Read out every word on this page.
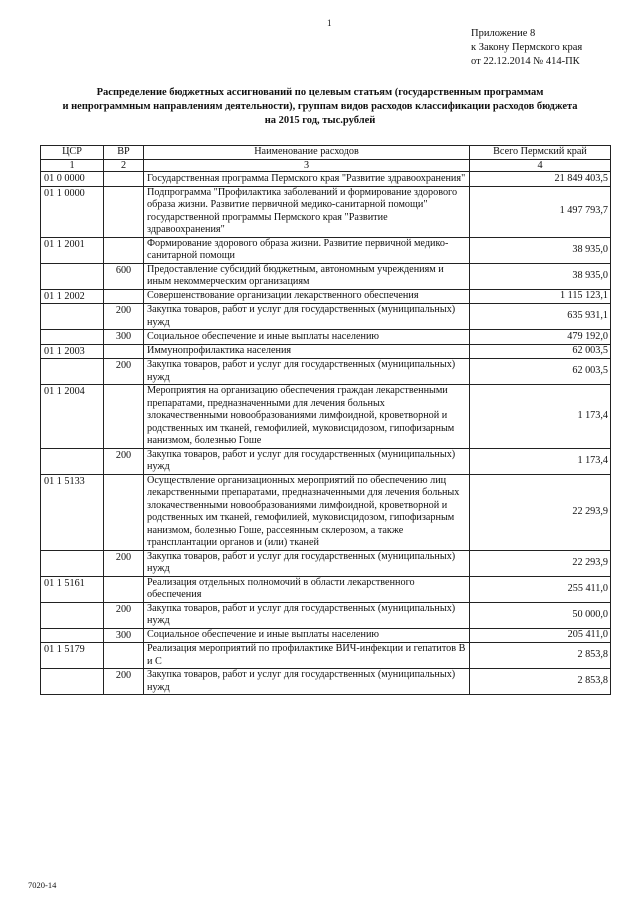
1
Приложение 8
к Закону Пермского края
от 22.12.2014 № 414-ПК
Распределение бюджетных ассигнований по целевым статьям (государственным программам
и непрограммным направлениям деятельности), группам видов расходов классификации расходов бюджета
на 2015 год, тыс.рублей
ЦСР	ВР	Наименование расходов	Всего Пермский край
1	2	3	4
01 0 0000		Государственная программа Пермского края "Развитие здравоохранения"	21 849 403,5
01 1 0000		Подпрограмма "Профилактика заболеваний и формирование здорового образа жизни. Развитие первичной медико-санитарной помощи" государственной программы Пермского края "Развитие здравоохранения"	1 497 793,7
01 1 2001		Формирование здорового образа жизни. Развитие первичной медико-санитарной помощи	38 935,0
	600	Предоставление субсидий бюджетным, автономным учреждениям и иным некоммерческим организациям	38 935,0
01 1 2002		Совершенствование организации лекарственного обеспечения	1 115 123,1
	200	Закупка товаров, работ и услуг для государственных (муниципальных) нужд	635 931,1
	300	Социальное обеспечение и иные выплаты населению	479 192,0
01 1 2003		Иммунопрофилактика населения	62 003,5
	200	Закупка товаров, работ и услуг для государственных (муниципальных) нужд	62 003,5
01 1 2004		Мероприятия на организацию обеспечения граждан лекарственными препаратами, предназначенными для лечения больных злокачественными новообразованиями лимфоидной, кроветворной и родственных им тканей, гемофилией, муковисцидозом, гипофизарным нанизмом, болезнью Гоше	1 173,4
	200	Закупка товаров, работ и услуг для государственных (муниципальных) нужд	1 173,4
01 1 5133		Осуществление организационных мероприятий по обеспечению лиц лекарственными препаратами, предназначенными для лечения больных злокачественными новообразованиями лимфоидной, кроветворной и родственных им тканей, гемофилией, муковисцидозом, гипофизарным нанизмом, болезнью Гоше, рассеянным склерозом, а также трансплантации органов и (или) тканей	22 293,9
	200	Закупка товаров, работ и услуг для государственных (муниципальных) нужд	22 293,9
01 1 5161		Реализация отдельных полномочий в области лекарственного обеспечения	255 411,0
	200	Закупка товаров, работ и услуг для государственных (муниципальных) нужд	50 000,0
	300	Социальное обеспечение и иные выплаты населению	205 411,0
01 1 5179		Реализация мероприятий по профилактике ВИЧ-инфекции и гепатитов В и С	2 853,8
	200	Закупка товаров, работ и услуг для государственных (муниципальных) нужд	2 853,8
7020-14
